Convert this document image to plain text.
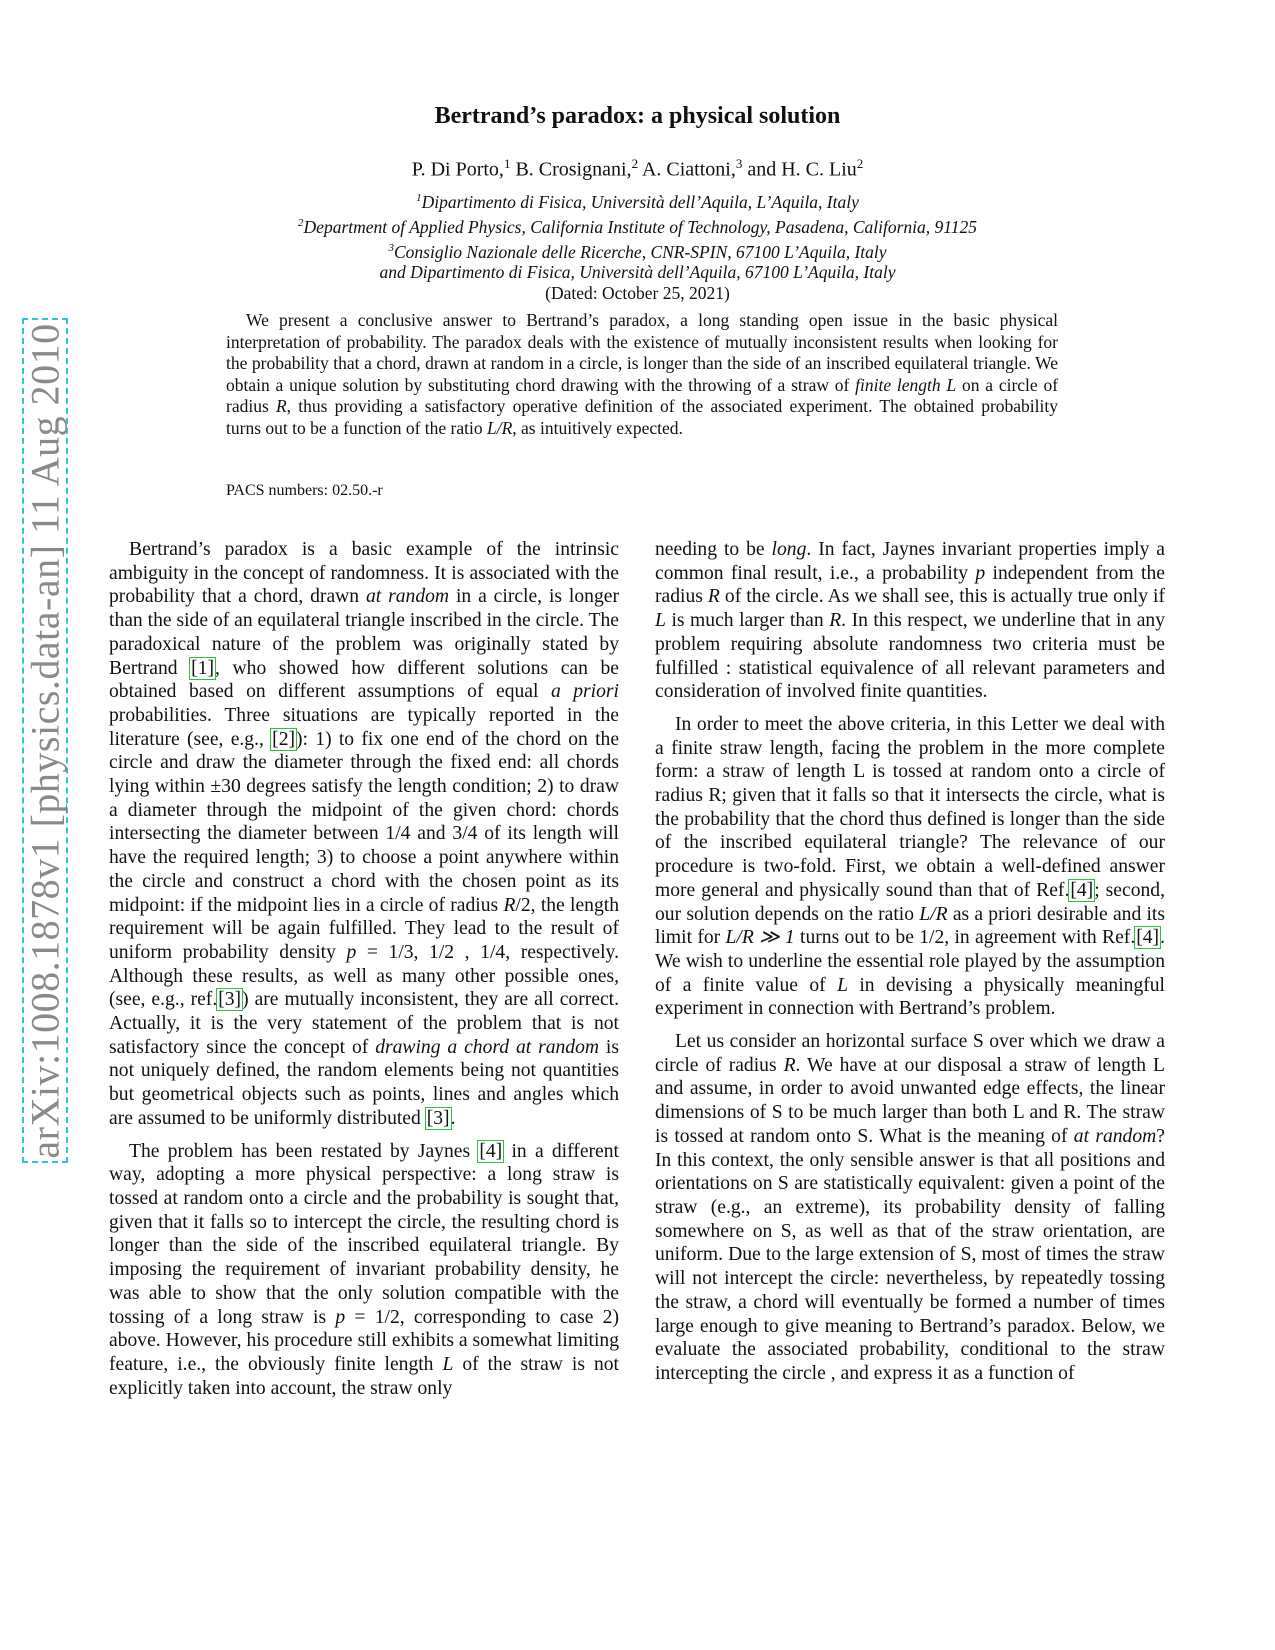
arXiv:1008.1878v1 [physics.data-an] 11 Aug 2010
Bertrand’s paradox: a physical solution
P. Di Porto,$^1$ B. Crosignani,$^2$ A. Ciattoni,$^3$ and H. C. Liu$^2$
$^1$Dipartimento di Fisica, Università dell’Aquila, L’Aquila, Italy
$^2$Department of Applied Physics, California Institute of Technology, Pasadena, California, 91125
$^3$Consiglio Nazionale delle Ricerche, CNR-SPIN, 67100 L’Aquila, Italy
and Dipartimento di Fisica, Università dell’Aquila, 67100 L’Aquila, Italy
(Dated: October 25, 2021)
We present a conclusive answer to Bertrand’s paradox, a long standing open issue in the basic physical interpretation of probability. The paradox deals with the existence of mutually inconsistent results when looking for the probability that a chord, drawn at random in a circle, is longer than the side of an inscribed equilateral triangle. We obtain a unique solution by substituting chord drawing with the throwing of a straw of finite length L on a circle of radius R, thus providing a satisfactory operative definition of the associated experiment. The obtained probability turns out to be a function of the ratio L/R, as intuitively expected.
PACS numbers: 02.50.-r

Bertrand’s paradox is a basic example of the intrinsic ambiguity in the concept of randomness. It is associated with the probability that a chord, drawn at random in a circle, is longer than the side of an equilateral triangle inscribed in the circle. The paradoxical nature of the problem was originally stated by Bertrand [1], who showed how different solutions can be obtained based on different assumptions of equal a priori probabilities. Three situations are typically reported in the literature (see, e.g., [2]): 1) to fix one end of the chord on the circle and draw the diameter through the fixed end: all chords lying within ±30 degrees satisfy the length condition; 2) to draw a diameter through the midpoint of the given chord: chords intersecting the diameter between 1/4 and 3/4 of its length will have the required length; 3) to choose a point anywhere within the circle and construct a chord with the chosen point as its midpoint: if the midpoint lies in a circle of radius R/2, the length requirement will be again fulfilled. They lead to the result of uniform probability density p = 1/3, 1/2 , 1/4, respectively. Although these results, as well as many other possible ones, (see, e.g., ref.[3]) are mutually inconsistent, they are all correct. Actually, it is the very statement of the problem that is not satisfactory since the concept of drawing a chord at random is not uniquely defined, the random elements being not quantities but geometrical objects such as points, lines and angles which are assumed to be uniformly distributed [3].

The problem has been restated by Jaynes [4] in a different way, adopting a more physical perspective: a long straw is tossed at random onto a circle and the probability is sought that, given that it falls so to intercept the circle, the resulting chord is longer than the side of the inscribed equilateral triangle. By imposing the requirement of invariant probability density, he was able to show that the only solution compatible with the tossing of a long straw is p = 1/2, corresponding to case 2) above. However, his procedure still exhibits a somewhat limiting feature, i.e., the obviously finite length L of the straw is not explicitly taken into account, the straw only

needing to be long. In fact, Jaynes invariant properties imply a common final result, i.e., a probability p independent from the radius R of the circle. As we shall see, this is actually true only if L is much larger than R. In this respect, we underline that in any problem requiring absolute randomness two criteria must be fulfilled : statistical equivalence of all relevant parameters and consideration of involved finite quantities.

In order to meet the above criteria, in this Letter we deal with a finite straw length, facing the problem in the more complete form: a straw of length L is tossed at random onto a circle of radius R; given that it falls so that it intersects the circle, what is the probability that the chord thus defined is longer than the side of the inscribed equilateral triangle? The relevance of our procedure is two-fold. First, we obtain a well-defined answer more general and physically sound than that of Ref.[4]; second, our solution depends on the ratio L/R as a priori desirable and its limit for L/R ≫ 1 turns out to be 1/2, in agreement with Ref.[4]. We wish to underline the essential role played by the assumption of a finite value of L in devising a physically meaningful experiment in connection with Bertrand’s problem.

Let us consider an horizontal surface S over which we draw a circle of radius R. We have at our disposal a straw of length L and assume, in order to avoid unwanted edge effects, the linear dimensions of S to be much larger than both L and R. The straw is tossed at random onto S. What is the meaning of at random? In this context, the only sensible answer is that all positions and orientations on S are statistically equivalent: given a point of the straw (e.g., an extreme), its probability density of falling somewhere on S, as well as that of the straw orientation, are uniform. Due to the large extension of S, most of times the straw will not intercept the circle: nevertheless, by repeatedly tossing the straw, a chord will eventually be formed a number of times large enough to give meaning to Bertrand’s paradox. Below, we evaluate the associated probability, conditional to the straw intercepting the circle , and express it as a function of
